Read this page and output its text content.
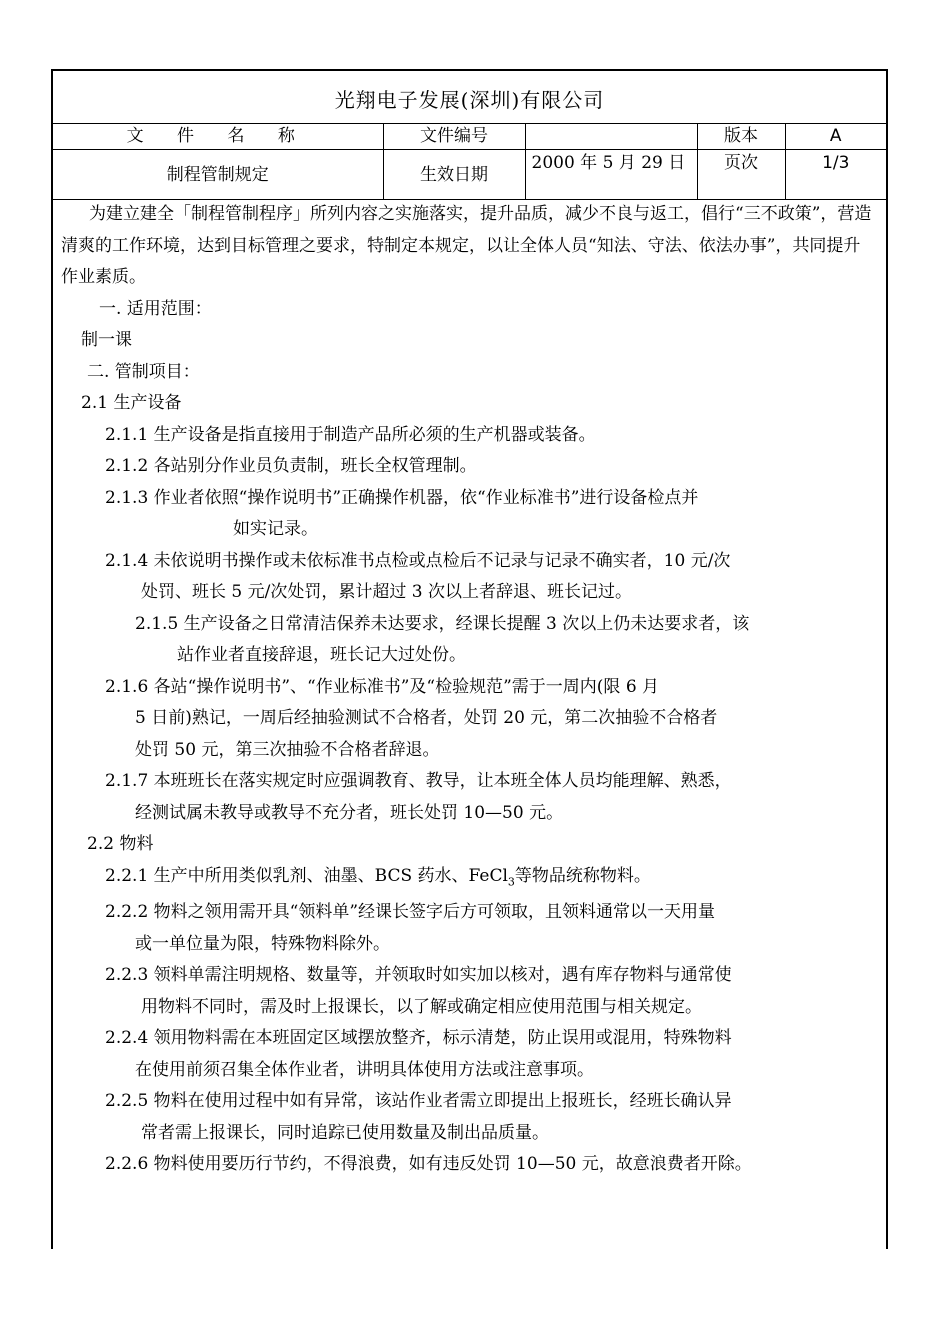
光翔电子发展(深圳)有限公司
文 件 名 称	文件编号		版本	A
制程管制规定	生效日期	2000 年 5 月 29 日	页次	1/3

为建立建全「制程管制程序」所列内容之实施落实，提升品质，减少不良与返工，倡行“三不政策”，营造清爽的工作环境，达到目标管理之要求，特制定本规定，以让全体人员“知法、守法、依法办事”，共同提升作业素质。

一. 适用范围：

制一课

二. 管制项目：

2.1 生产设备

2.1.1 生产设备是指直接用于制造产品所必须的生产机器或装备。

2.1.2 各站别分作业员负责制，班长全权管理制。

2.1.3 作业者依照“操作说明书”正确操作机器，依“作业标准书”进行设备检点并

如实记录。

2.1.4 未依说明书操作或未依标准书点检或点检后不记录与记录不确实者，10 元/次

处罚、班长 5 元/次处罚，累计超过 3 次以上者辞退、班长记过。

2.1.5 生产设备之日常清洁保养未达要求，经课长提醒 3 次以上仍未达要求者，该

站作业者直接辞退，班长记大过处份。

2.1.6 各站“操作说明书”、“作业标准书”及“检验规范”需于一周内(限 6 月

5 日前)熟记，一周后经抽验测试不合格者，处罚 20 元，第二次抽验不合格者

处罚 50 元，第三次抽验不合格者辞退。

2.1.7 本班班长在落实规定时应强调教育、教导，让本班全体人员均能理解、熟悉，

经测试属未教导或教导不充分者，班长处罚 10—50 元。

2.2 物料

2.2.1 生产中所用类似乳剂、油墨、BCS 药水、FeCl$_3$等物品统称物料。

2.2.2 物料之领用需开具“领料单”经课长签字后方可领取，且领料通常以一天用量

或一单位量为限，特殊物料除外。

2.2.3 领料单需注明规格、数量等，并领取时如实加以核对，遇有库存物料与通常使

用物料不同时，需及时上报课长，以了解或确定相应使用范围与相关规定。

2.2.4 领用物料需在本班固定区域摆放整齐，标示清楚，防止误用或混用，特殊物料

在使用前须召集全体作业者，讲明具体使用方法或注意事项。

2.2.5 物料在使用过程中如有异常，该站作业者需立即提出上报班长，经班长确认异

常者需上报课长，同时追踪已使用数量及制出品质量。

2.2.6 物料使用要历行节约，不得浪费，如有违反处罚 10—50 元，故意浪费者开除。
